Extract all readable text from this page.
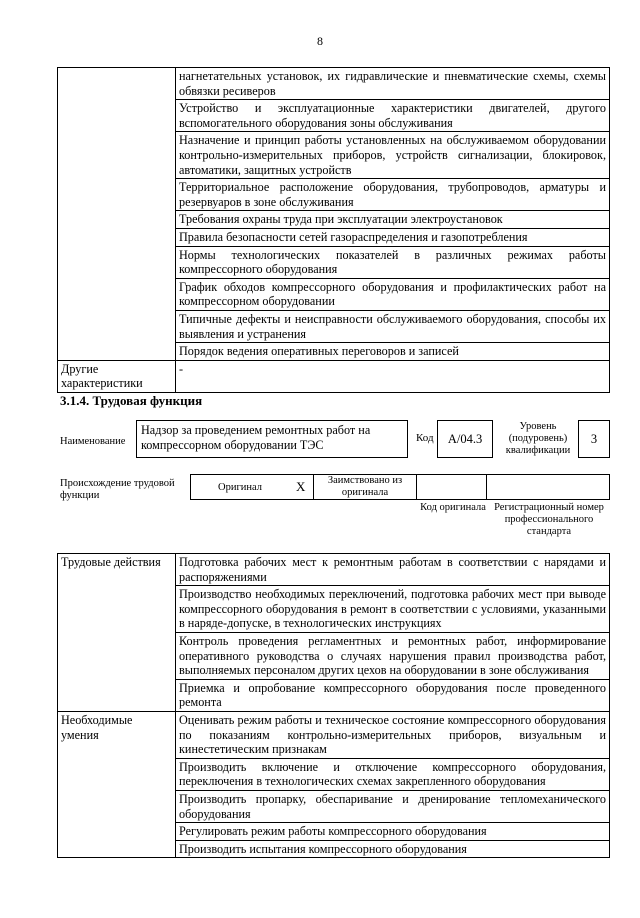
8
	нагнетательных установок, их гидравлические и пневматические схемы, схемы обвязки ресиверов
	Устройство и эксплуатационные характеристики двигателей, другого вспомогательного оборудования зоны обслуживания
	Назначение и принцип работы установленных на обслуживаемом оборудовании контрольно-измерительных приборов, устройств сигнализации, блокировок, автоматики, защитных устройств
	Территориальное расположение оборудования, трубопроводов, арматуры и резервуаров в зоне обслуживания
	Требования охраны труда при эксплуатации электроустановок
	Правила безопасности сетей газораспределения и газопотребления
	Нормы технологических показателей в различных режимах работы компрессорного оборудования
	График обходов компрессорного оборудования и профилактических работ на компрессорном оборудовании
	Типичные дефекты и неисправности обслуживаемого оборудования, способы их выявления и устранения
	Порядок ведения оперативных переговоров и записей
Другие характеристики	-
3.1.4. Трудовая функция
Наименование
Надзор за проведением ремонтных работ на компрессорном оборудовании ТЭС	Код	A/04.3
Уровень (подуровень) квалификации
3
Происхождение трудовой функции
Оригинал	X	Заимствовано из оригинала
Код оригинала Регистрационный номер профессионального стандарта
Трудовые действия	Подготовка рабочих мест к ремонтным работам в соответствии с нарядами и распоряжениями
	Производство необходимых переключений, подготовка рабочих мест при выводе компрессорного оборудования в ремонт в соответствии с условиями, указанными в наряде-допуске, в технологических инструкциях
	Контроль проведения регламентных и ремонтных работ, информирование оперативного руководства о случаях нарушения правил производства работ, выполняемых персоналом других цехов на оборудовании в зоне обслуживания
	Приемка и опробование компрессорного оборудования после проведенного ремонта
Необходимые умения	Оценивать режим работы и техническое состояние компрессорного оборудования по показаниям контрольно-измерительных приборов, визуальным и кинестетическим признакам
	Производить включение и отключение компрессорного оборудования, переключения в технологических схемах закрепленного оборудования
	Производить пропарку, обеспаривание и дренирование тепломеханического оборудования
	Регулировать режим работы компрессорного оборудования
	Производить испытания компрессорного оборудования
